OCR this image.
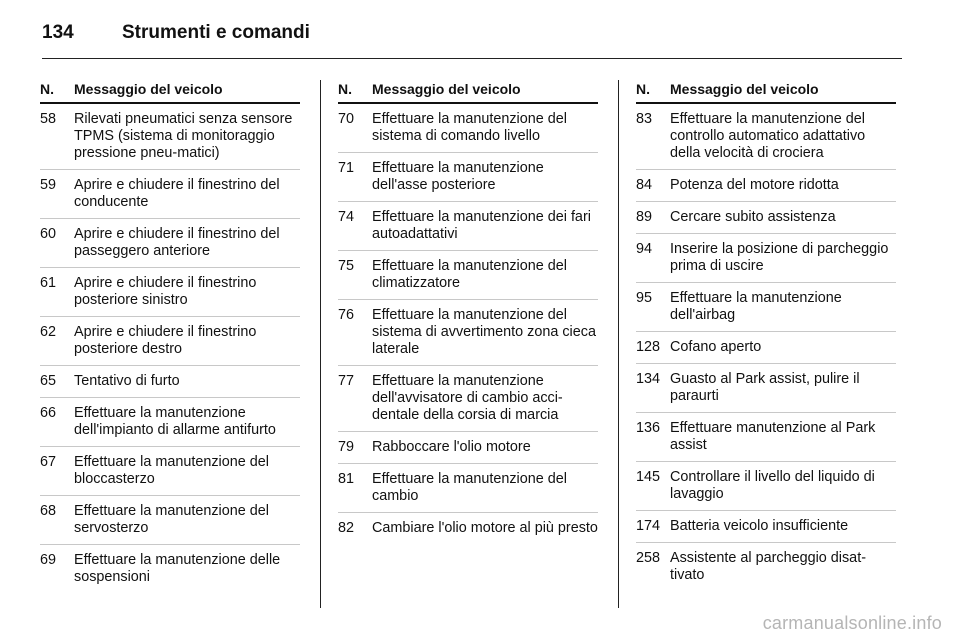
134	Strumenti e comandi
N.	Messaggio del veicolo
58	Rilevati pneumatici senza sensore TPMS (sistema di monitoraggio pressione pneu-matici)
59	Aprire e chiudere il finestrino del conducente
60	Aprire e chiudere il finestrino del passeggero anteriore
61	Aprire e chiudere il finestrino posteriore sinistro
62	Aprire e chiudere il finestrino posteriore destro
65	Tentativo di furto
66	Effettuare la manutenzione dell'impianto di allarme antifurto
67	Effettuare la manutenzione del bloccasterzo
68	Effettuare la manutenzione del servosterzo
69	Effettuare la manutenzione delle sospensioni
N.	Messaggio del veicolo
70	Effettuare la manutenzione del sistema di comando livello
71	Effettuare la manutenzione dell'asse posteriore
74	Effettuare la manutenzione dei fari autoadattativi
75	Effettuare la manutenzione del climatizzatore
76	Effettuare la manutenzione del sistema di avvertimento zona cieca laterale
77	Effettuare la manutenzione dell'avvisatore di cambio acci-dentale della corsia di marcia
79	Rabboccare l'olio motore
81	Effettuare la manutenzione del cambio
82	Cambiare l'olio motore al più presto
N.	Messaggio del veicolo
83	Effettuare la manutenzione del controllo automatico adattativo della velocità di crociera
84	Potenza del motore ridotta
89	Cercare subito assistenza
94	Inserire la posizione di parcheggio prima di uscire
95	Effettuare la manutenzione dell'airbag
128 Cofano aperto
134 Guasto al Park assist, pulire il paraurti
136 Effettuare manutenzione al Park assist
145 Controllare il livello del liquido di lavaggio
174 Batteria veicolo insufficiente
258 Assistente al parcheggio disat-tivato
carmanualsonline.info
